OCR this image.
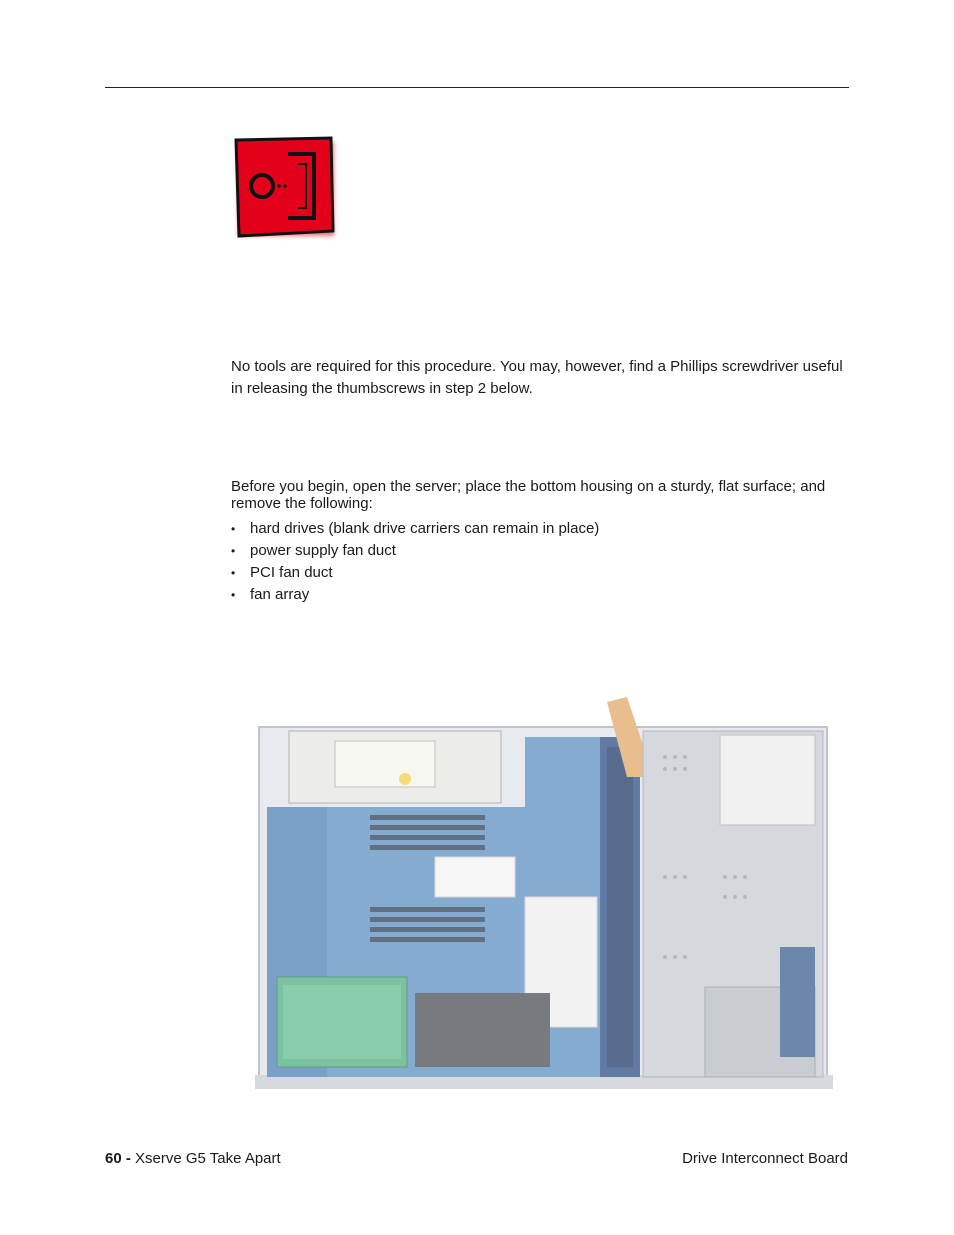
No tools are required for this procedure. You may, however, find a Phillips screwdriver useful in releasing the thumbscrews in step 2 below.

Before you begin, open the server; place the bottom housing on a sturdy, flat surface; and remove the following:

• hard drives (blank drive carriers can remain in place)
• power supply fan duct
• PCI fan duct
• fan array
60 - Xserve G5 Take Apart	Drive Interconnect Board
